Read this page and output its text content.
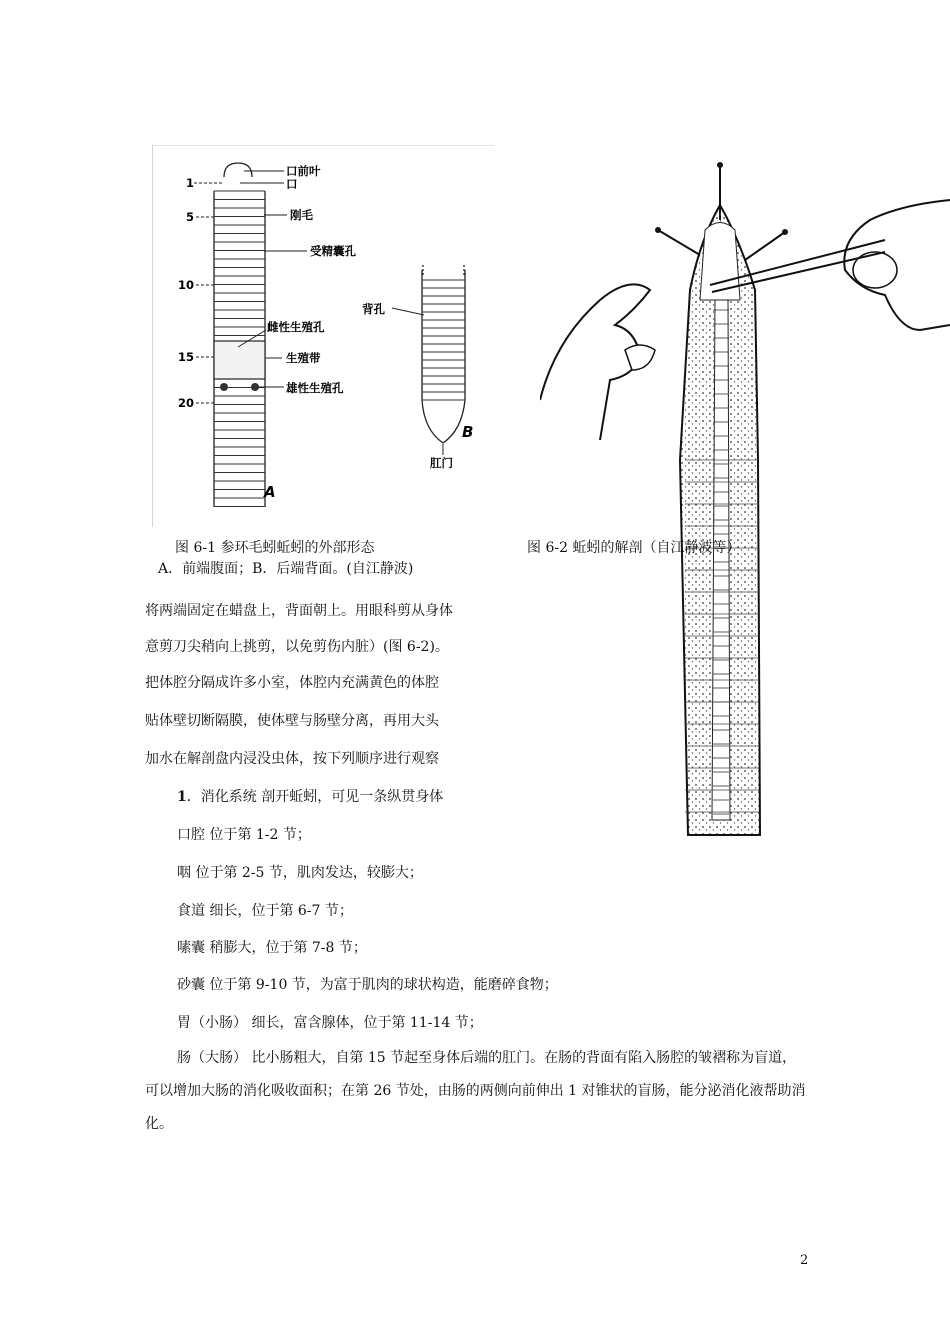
口前叶
口
刚毛
受精囊孔
雌性生殖孔
生殖带
雄性生殖孔
背孔
肛门
A
B
1
5
10
15
20
图 6-1 参环毛蚓蚯蚓的外部形态
A．前端腹面；B．后端背面。(自江静波)
图 6-2 蚯蚓的解剖（自江静波等）
将两端固定在蜡盘上，背面朝上。用眼科剪从身体
意剪刀尖稍向上挑剪，以免剪伤内脏）(图 6-2)。
把体腔分隔成许多小室，体腔内充满黄色的体腔
贴体壁切断隔膜，使体壁与肠壁分离，再用大头
加水在解剖盘内浸没虫体，按下列顺序进行观察
1．消化系统 剖开蚯蚓，可见一条纵贯身体
口腔 位于第 1-2 节；
咽 位于第 2-5 节，肌肉发达，较膨大；
食道 细长，位于第 6-7 节；
嗉囊 稍膨大，位于第 7-8 节；
砂囊 位于第 9-10 节，为富于肌肉的球状构造，能磨碎食物；
胃（小肠） 细长，富含腺体，位于第 11-14 节；
肠（大肠） 比小肠粗大，自第 15 节起至身体后端的肛门。在肠的背面有陷入肠腔的皱褶称为盲道，可以增加大肠的消化吸收面积；在第 26 节处，由肠的两侧向前伸出 1 对锥状的盲肠，能分泌消化液帮助消化。
2
